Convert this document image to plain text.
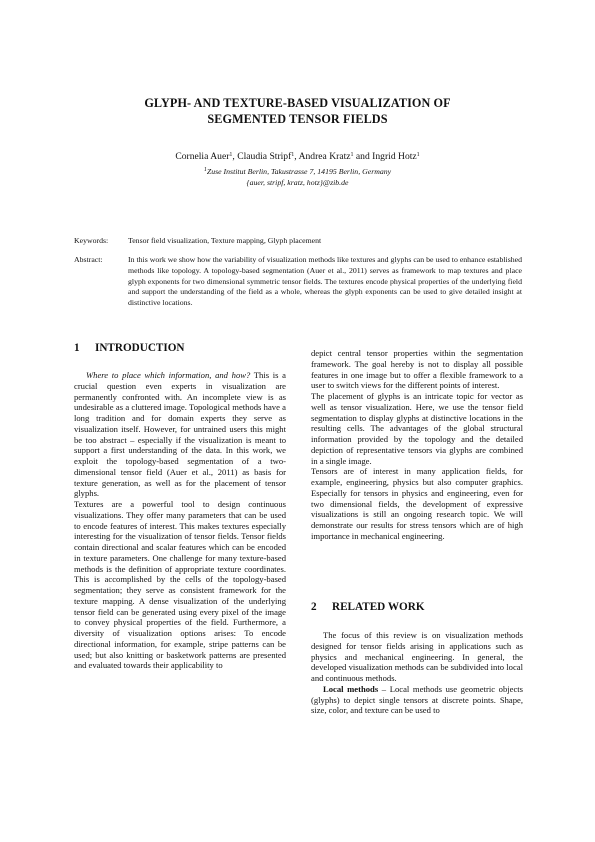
GLYPH- AND TEXTURE-BASED VISUALIZATION OF
SEGMENTED TENSOR FIELDS
Cornelia Auer$^1$, Claudia Stripf$^1$, Andrea Kratz$^1$ and Ingrid Hotz$^1$
$^1$Zuse Institut Berlin, Takustrasse 7, 14195 Berlin, Germany
{auer, stripf, kratz, hotz}@zib.de
Keywords:	Tensor field visualization, Texture mapping, Glyph placement
Abstract:	In this work we show how the variability of visualization methods like textures and glyphs can be used to enhance established methods like topology. A topology-based segmentation (Auer et al., 2011) serves as framework to map textures and place glyph exponents for two dimensional symmetric tensor fields. The textures encode physical properties of the underlying field and support the understanding of the field as a whole, whereas the glyph exponents can be used to give detailed insight at distinctive locations.
1 INTRODUCTION

Where to place which information, and how? This is a crucial question even experts in visualization are permanently confronted with. An incomplete view is as undesirable as a cluttered image. Topological methods have a long tradition and for domain experts they serve as visualization itself. However, for untrained users this might be too abstract – especially if the visualization is meant to support a first understanding of the data. In this work, we exploit the topology-based segmentation of a two-dimensional tensor field (Auer et al., 2011) as basis for texture generation, as well as for the placement of tensor glyphs.

Textures are a powerful tool to design continuous visualizations. They offer many parameters that can be used to encode features of interest. This makes textures especially interesting for the visualization of tensor fields. Tensor fields contain directional and scalar features which can be encoded in texture parameters. One challenge for many texture-based methods is the definition of appropriate texture coordinates. This is accomplished by the cells of the topology-based segmentation; they serve as consistent framework for the texture mapping. A dense visualization of the underlying tensor field can be generated using every pixel of the image to convey physical properties of the field. Furthermore, a diversity of visualization options arises: To encode directional information, for example, stripe patterns can be used; but also knitting or basketwork patterns are presented and evaluated towards their applicability to

depict central tensor properties within the segmentation framework. The goal hereby is not to display all possible features in one image but to offer a flexible framework to a user to switch views for the different points of interest.

The placement of glyphs is an intricate topic for vector as well as tensor visualization. Here, we use the tensor field segmentation to display glyphs at distinctive locations in the resulting cells. The advantages of the global structural information provided by the topology and the detailed depiction of representative tensors via glyphs are combined in a single image.

Tensors are of interest in many application fields, for example, engineering, physics but also computer graphics. Especially for tensors in physics and engineering, even for two dimensional fields, the development of expressive visualizations is still an ongoing research topic. We will demonstrate our results for stress tensors which are of high importance in mechanical engineering.

2 RELATED WORK

The focus of this review is on visualization methods designed for tensor fields arising in applications such as physics and mechanical engineering. In general, the developed visualization methods can be subdivided into local and continuous methods.

Local methods – Local methods use geometric objects (glyphs) to depict single tensors at discrete points. Shape, size, color, and texture can be used to
